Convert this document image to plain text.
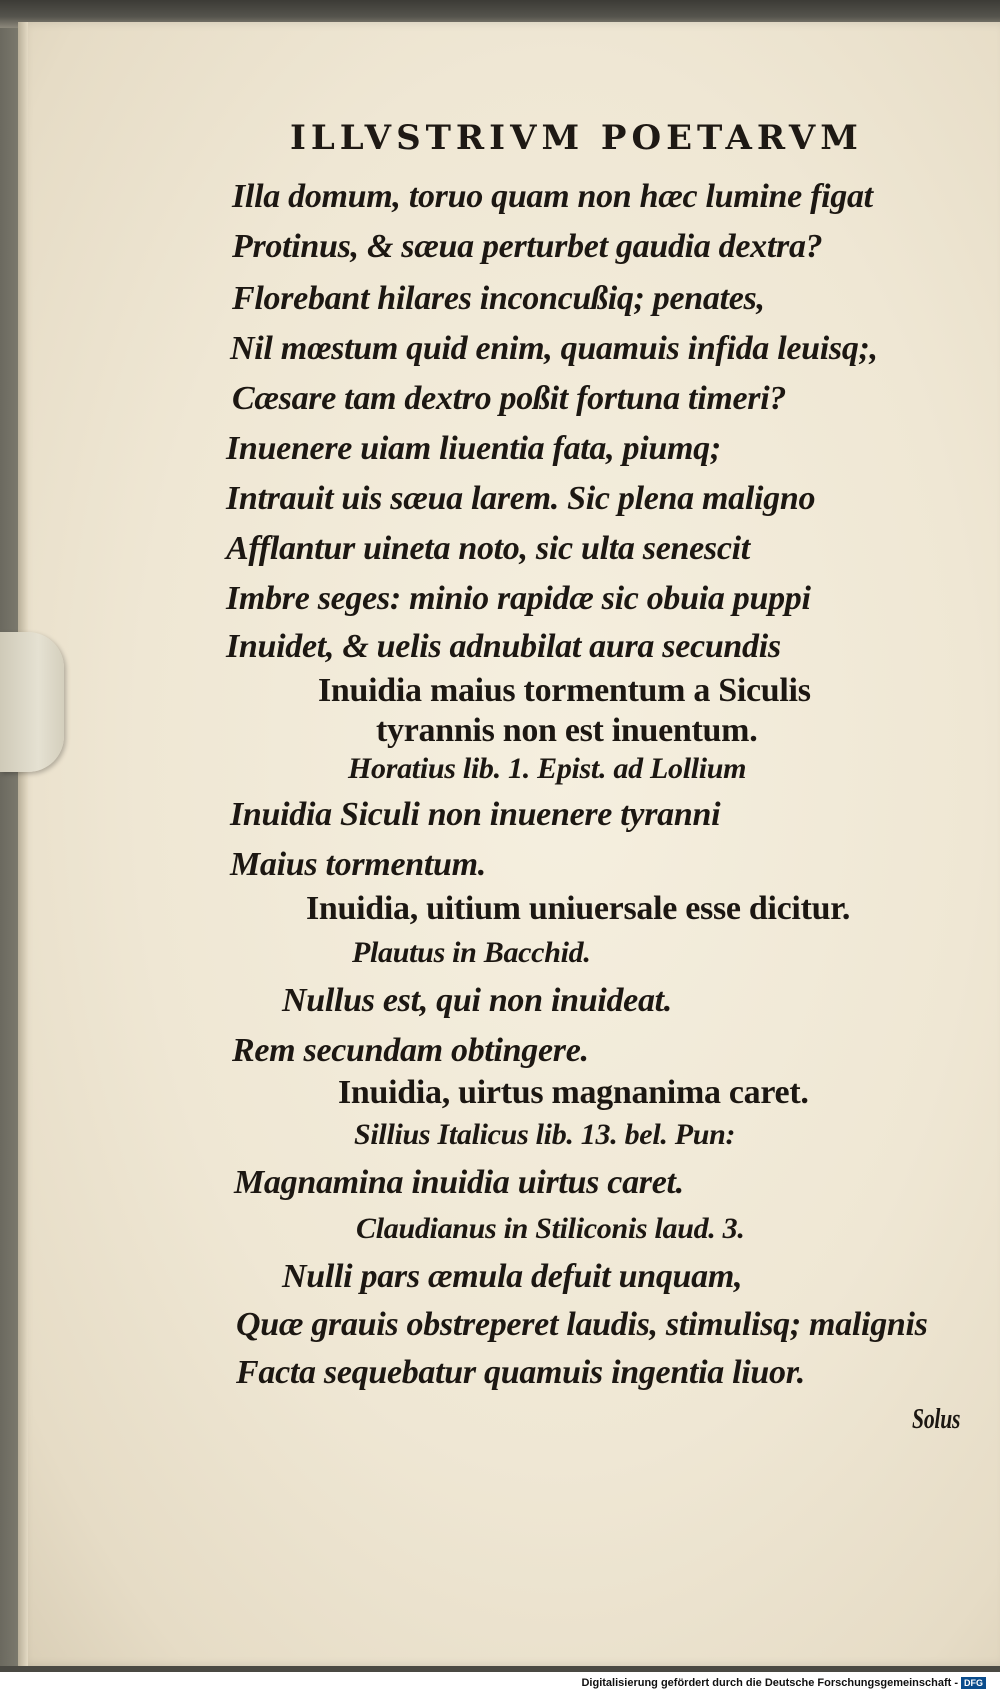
ILLVSTRIVM POETARVM
Illa domum, toruo quam non hæc lumine figat
Protinus, & sæua perturbet gaudia dextra?
Florebant hilares inconcußiq; penates,
Nil mœstum quid enim, quamuis infida leuisq;,
Cæsare tam dextro poßit fortuna timeri?
Inuenere uiam liuentia fata, piumq;
Intrauit uis sæua larem. Sic plena maligno
Afflantur uineta noto, sic ulta senescit
Imbre seges: minio rapidæ sic obuia puppi
Inuidet, & uelis adnubilat aura secundis
Inuidia maius tormentum a Siculis
tyrannis non est inuentum.
Horatius lib. 1. Epist. ad Lollium
Inuidia Siculi non inuenere tyranni
Maius tormentum.
Inuidia, uitium uniuersale esse dicitur.
Plautus in Bacchid.
Nullus est, qui non inuideat.
Rem secundam obtingere.
Inuidia, uirtus magnanima caret.
Sillius Italicus lib. 13. bel. Pun:
Magnamina inuidia uirtus caret.
Claudianus in Stiliconis laud. 3.
Nulli pars æmula defuit unquam,
Quæ grauis obstreperet laudis, stimulisq; malignis
Facta sequebatur quamuis ingentia liuor.
Solus
Digitalisierung gefördert durch die Deutsche Forschungsgemeinschaft - DFG
